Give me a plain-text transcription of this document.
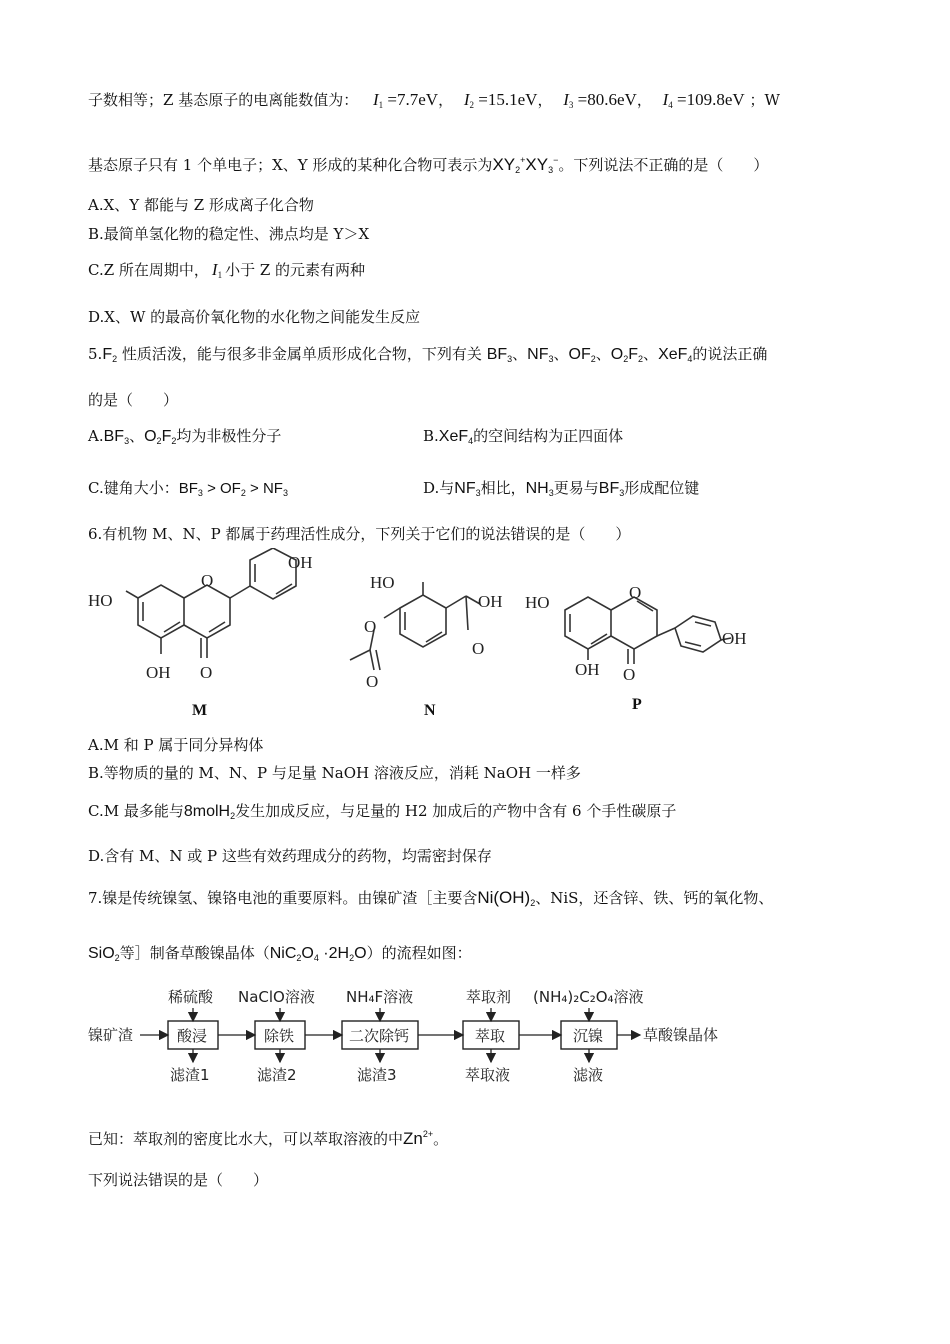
子数相等；Z 基态原子的电离能数值为： $I_1 =7.7eV$， $I_2 =15.1eV$， $I_3 =80.6eV$， $I_4 =109.8eV$ ；W
基态原子只有 1 个单电子；X、Y 形成的某种化合物可表示为$XY_2^+XY_3^-$。下列说法不正确的是（　　）
A.X、Y 都能与 Z 形成离子化合物
B.最简单氢化物的稳定性、沸点均是 Y＞X
C.Z 所在周期中， $I_1$ 小于 Z 的元素有两种
D.X、W 的最高价氧化物的水化物之间能发生反应
$5.F_2$ 性质活泼，能与很多非金属单质形成化合物，下列有关 $BF_3$、$NF_3$、$OF_2$、$O_2F_2$、XeF$_4$的说法正确
的是（　　）
$A.BF_3$、$O_2F_2$均为非极性分子	B.XeF$_4$的空间结构为正四面体
C.键角大小：$BF_3 > OF_2 > NF_3$	D.与$NF_3$相比，$NH_3$更易与$BF_3$形成配位键
6.有机物 M、N、P 都属于药理活性成分，下列关于它们的说法错误的是（　　）
HO
OH O
O
OH
M
HO
OH
O
O
O
N
HO
O
OH O
OH
P
A.M 和 P 属于同分异构体
B.等物质的量的 M、N、P 与足量 NaOH 溶液反应，消耗 NaOH 一样多
C.M 最多能与8molH$_2$发生加成反应，与足量的 H2 加成后的产物中含有 6 个手性碳原子
D.含有 M、N 或 P 这些有效药理成分的药物，均需密封保存
7.镍是传统镍氢、镍铬电池的重要原料。由镍矿渣［主要含$Ni(OH)_2$、NiS，还含锌、铁、钙的氧化物、
SiO$_2$等］制备草酸镍晶体$(NiC_2O_4 \cdot 2H_2O)$的流程如图：
镍矿渣	酸浸	除铁	二次除钙	萃取	沉镍
稀硫酸 NaClO溶液 NH₄F溶液	萃取剂 (NH₄)₂C₂O₄溶液
滤渣1	滤渣2	滤渣3	萃取液	滤液
草酸镍晶体
已知：萃取剂的密度比水大，可以萃取溶液的中$Zn^{2+}$。
下列说法错误的是（　　）
